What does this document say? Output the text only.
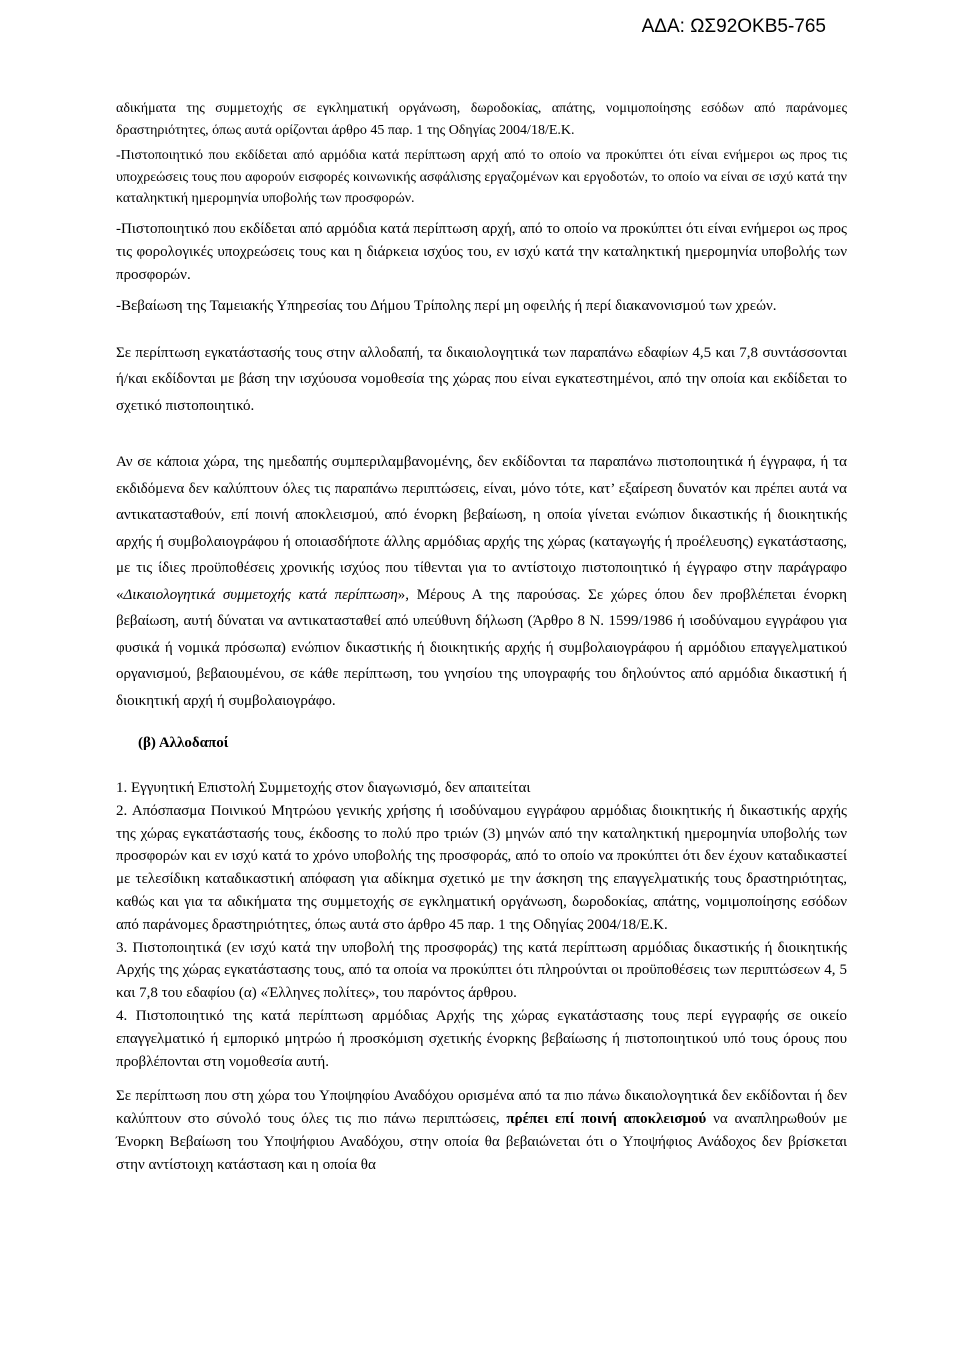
ΑΔΑ: ΩΣ92ΟΚΒ5-765

αδικήματα της συμμετοχής σε εγκληματική οργάνωση, δωροδοκίας, απάτης, νομιμοποίησης εσόδων από παράνομες δραστηριότητες, όπως αυτά ορίζονται άρθρο 45 παρ. 1 της Οδηγίας 2004/18/Ε.Κ.

-Πιστοποιητικό που εκδίδεται από αρμόδια κατά περίπτωση αρχή από το οποίο να προκύπτει ότι είναι ενήμεροι ως προς τις υποχρεώσεις τους που αφορούν εισφορές κοινωνικής ασφάλισης εργαζομένων και εργοδοτών, το οποίο να είναι σε ισχύ κατά την καταληκτική ημερομηνία υποβολής των προσφορών.

-Πιστοποιητικό που εκδίδεται από αρμόδια κατά περίπτωση αρχή, από το οποίο να προκύπτει ότι είναι ενήμεροι ως προς τις φορολογικές υποχρεώσεις τους και η διάρκεια ισχύος του, εν ισχύ κατά την καταληκτική ημερομηνία υποβολής των προσφορών.

-Βεβαίωση της Ταμειακής Υπηρεσίας του Δήμου Τρίπολης περί μη οφειλής ή περί διακανονισμού των χρεών.

Σε περίπτωση εγκατάστασής τους στην αλλοδαπή, τα δικαιολογητικά των παραπάνω εδαφίων 4,5 και 7,8 συντάσσονται ή/και εκδίδονται με βάση την ισχύουσα νομοθεσία της χώρας που είναι εγκατεστημένοι, από την οποία και εκδίδεται το σχετικό πιστοποιητικό.

Αν σε κάποια χώρα, της ημεδαπής συμπεριλαμβανομένης, δεν εκδίδονται τα παραπάνω πιστοποιητικά ή έγγραφα, ή τα εκδιδόμενα δεν καλύπτουν όλες τις παραπάνω περιπτώσεις, είναι, μόνο τότε, κατ’ εξαίρεση δυνατόν και πρέπει αυτά να αντικατασταθούν, επί ποινή αποκλεισμού, από ένορκη βεβαίωση, η οποία γίνεται ενώπιον δικαστικής ή διοικητικής αρχής ή συμβολαιογράφου ή οποιασδήποτε άλλης αρμόδιας αρχής της χώρας (καταγωγής ή προέλευσης) εγκατάστασης, με τις ίδιες προϋποθέσεις χρονικής ισχύος που τίθενται για το αντίστοιχο πιστοποιητικό ή έγγραφο στην παράγραφο «Δικαιολογητικά συμμετοχής κατά περίπτωση», Μέρους Α της παρούσας. Σε χώρες όπου δεν προβλέπεται ένορκη βεβαίωση, αυτή δύναται να αντικατασταθεί από υπεύθυνη δήλωση (Άρθρο 8 Ν. 1599/1986 ή ισοδύναμου εγγράφου για φυσικά ή νομικά πρόσωπα) ενώπιον δικαστικής ή διοικητικής αρχής ή συμβολαιογράφου ή αρμόδιου επαγγελματικού οργανισμού, βεβαιουμένου, σε κάθε περίπτωση, του γνησίου της υπογραφής του δηλούντος από αρμόδια δικαστική ή διοικητική αρχή ή συμβολαιογράφο.

(β) Αλλοδαποί

1. Εγγυητική Επιστολή Συμμετοχής στον διαγωνισμό, δεν απαιτείται

2. Απόσπασμα Ποινικού Μητρώου γενικής χρήσης ή ισοδύναμου εγγράφου αρμόδιας διοικητικής ή δικαστικής αρχής της χώρας εγκατάστασής τους, έκδοσης το πολύ προ τριών (3) μηνών από την καταληκτική ημερομηνία υποβολής των προσφορών και εν ισχύ κατά το χρόνο υποβολής της προσφοράς, από το οποίο να προκύπτει ότι δεν έχουν καταδικαστεί με τελεσίδικη καταδικαστική απόφαση για αδίκημα σχετικό με την άσκηση της επαγγελματικής τους δραστηριότητας, καθώς και για τα αδικήματα της συμμετοχής σε εγκληματική οργάνωση, δωροδοκίας, απάτης, νομιμοποίησης εσόδων από παράνομες δραστηριότητες, όπως αυτά στο άρθρο 45 παρ. 1 της Οδηγίας 2004/18/Ε.Κ.

3. Πιστοποιητικά (εν ισχύ κατά την υποβολή της προσφοράς) της κατά περίπτωση αρμόδιας δικαστικής ή διοικητικής Αρχής της χώρας εγκατάστασης τους, από τα οποία να προκύπτει ότι πληρούνται οι προϋποθέσεις των περιπτώσεων 4, 5 και 7,8 του εδαφίου (α) «Έλληνες πολίτες», του παρόντος άρθρου.

4. Πιστοποιητικό της κατά περίπτωση αρμόδιας Αρχής της χώρας εγκατάστασης τους περί εγγραφής σε οικείο επαγγελματικό ή εμπορικό μητρώο ή προσκόμιση σχετικής ένορκης βεβαίωσης ή πιστοποιητικού υπό τους όρους που προβλέπονται στη νομοθεσία αυτή.

Σε περίπτωση που στη χώρα του Υποψηφίου Αναδόχου ορισμένα από τα πιο πάνω δικαιολογητικά δεν εκδίδονται ή δεν καλύπτουν στο σύνολό τους όλες τις πιο πάνω περιπτώσεις, πρέπει επί ποινή αποκλεισμού να αναπληρωθούν με Ένορκη Βεβαίωση του Υποψήφιου Αναδόχου, στην οποία θα βεβαιώνεται ότι ο Υποψήφιος Ανάδοχος δεν βρίσκεται στην αντίστοιχη κατάσταση και η οποία θα
